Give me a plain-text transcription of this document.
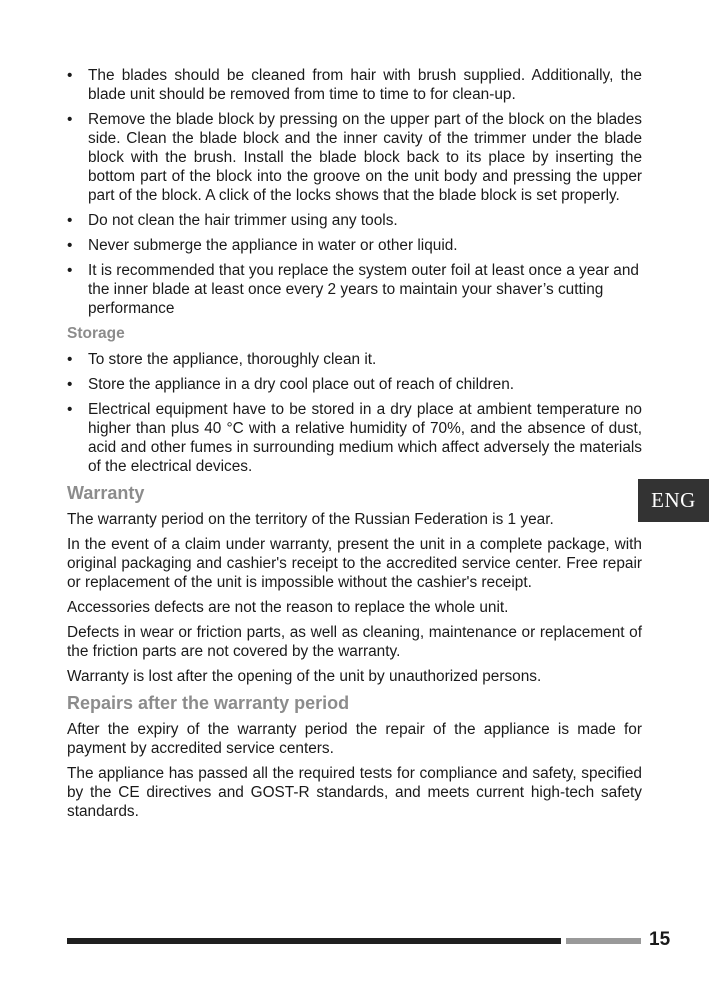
• The blades should be cleaned from hair with brush supplied. Additionally, the blade unit should be removed from time to time to for clean-up.
• Remove the blade block by pressing on the upper part of the block on the blades side. Clean the blade block and the inner cavity of the trimmer under the blade block with the brush. Install the blade block back to its place by inserting the bottom part of the block into the groove on the unit body and pressing the upper part of the block. A click of the locks shows that the blade block is set properly.
• Do not clean the hair trimmer using any tools.
• Never submerge the appliance in water or other liquid.
• It is recommended that you replace the system outer foil at least once a year and the inner blade at least once every 2 years to maintain your shaver’s cutting performance
Storage
• To store the appliance, thoroughly clean it.
• Store the appliance in a dry cool place out of reach of children.
• Electrical equipment have to be stored in a dry place at ambient temperature no higher than plus 40 °C with a relative humidity of 70%, and the absence of dust, acid and other fumes in surrounding medium which affect adversely the materials of the electrical devices.
Warranty

The warranty period on the territory of the Russian Federation is 1 year.

In the event of a claim under warranty, present the unit in a complete package, with original packaging and cashier's receipt to the accredited service center. Free repair or replacement of the unit is impossible without the cashier's receipt.

Accessories defects are not the reason to replace the whole unit.

Defects in wear or friction parts, as well as cleaning, maintenance or replacement of the friction parts are not covered by the warranty.

Warranty is lost after the opening of the unit by unauthorized persons.

Repairs after the warranty period

After the expiry of the warranty period the repair of the appliance is made for payment by accredited service centers.

The appliance has passed all the required tests for compliance and safety, specified by the CE directives and GOST-R standards, and meets current high-tech safety standards.

ENG
15
